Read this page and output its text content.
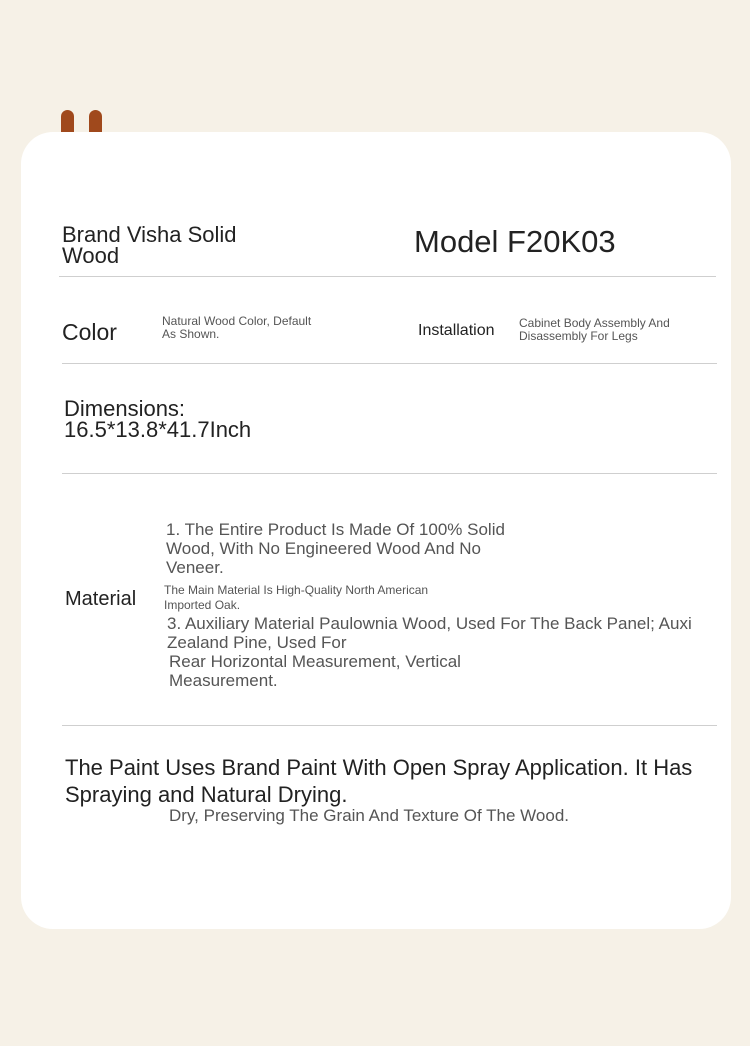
Brand Visha Solid Wood	Model F20K03
Color	Natural Wood Color, Default As Shown.	Installation Cabinet Body Assembly And Disassembly For Legs
Dimensions:
16.5*13.8*41.7Inch
Material
1. The Entire Product Is Made Of 100% Solid Wood, With No Engineered Wood And No Veneer.
The Main Material Is High-Quality North American Imported Oak.
3. Auxiliary Material Paulownia Wood, Used For The Back Panel; Auxi
Zealand Pine, Used For
Rear Horizontal Measurement, Vertical Measurement.
The Paint Uses Brand Paint With Open Spray Application. It Has
Spraying and Natural Drying.
Dry, Preserving The Grain And Texture Of The Wood.
